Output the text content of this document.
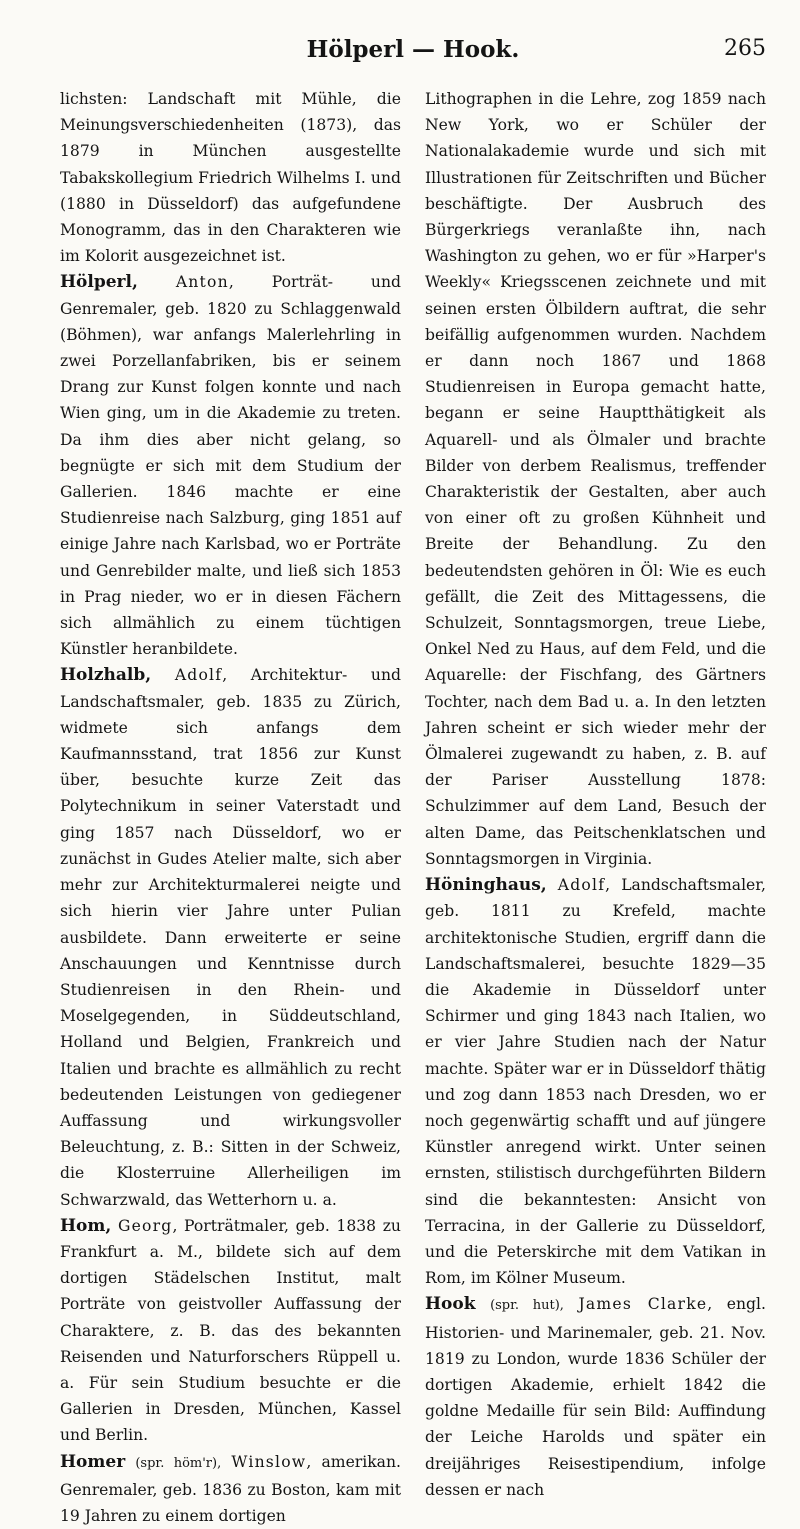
Hölperl — Hook.	265

lichsten: Landschaft mit Mühle, die Meinungsverschiedenheiten (1873), das 1879 in München ausgestellte Tabakskollegium Friedrich Wilhelms I. und (1880 in Düsseldorf) das aufgefundene Monogramm, das in den Charakteren wie im Kolorit ausgezeichnet ist.

Hölperl, Anton, Porträt- und Genremaler, geb. 1820 zu Schlaggenwald (Böhmen), war anfangs Malerlehrling in zwei Porzellanfabriken, bis er seinem Drang zur Kunst folgen konnte und nach Wien ging, um in die Akademie zu treten. Da ihm dies aber nicht gelang, so begnügte er sich mit dem Studium der Gallerien. 1846 machte er eine Studienreise nach Salzburg, ging 1851 auf einige Jahre nach Karlsbad, wo er Porträte und Genrebilder malte, und ließ sich 1853 in Prag nieder, wo er in diesen Fächern sich allmählich zu einem tüchtigen Künstler heranbildete.

Holzhalb, Adolf, Architektur- und Landschaftsmaler, geb. 1835 zu Zürich, widmete sich anfangs dem Kaufmannsstand, trat 1856 zur Kunst über, besuchte kurze Zeit das Polytechnikum in seiner Vaterstadt und ging 1857 nach Düsseldorf, wo er zunächst in Gudes Atelier malte, sich aber mehr zur Architekturmalerei neigte und sich hierin vier Jahre unter Pulian ausbildete. Dann erweiterte er seine Anschauungen und Kenntnisse durch Studienreisen in den Rhein- und Moselgegenden, in Süddeutschland, Holland und Belgien, Frankreich und Italien und brachte es allmählich zu recht bedeutenden Leistungen von gediegener Auffassung und wirkungsvoller Beleuchtung, z. B.: Sitten in der Schweiz, die Klosterruine Allerheiligen im Schwarzwald, das Wetterhorn u. a.

Hom, Georg, Porträtmaler, geb. 1838 zu Frankfurt a. M., bildete sich auf dem dortigen Städelschen Institut, malt Porträte von geistvoller Auffassung der Charaktere, z. B. das des bekannten Reisenden und Naturforschers Rüppell u. a. Für sein Studium besuchte er die Gallerien in Dresden, München, Kassel und Berlin.

Homer (spr. höm'r), Winslow, amerikan. Genremaler, geb. 1836 zu Boston, kam mit 19 Jahren zu einem dortigen

Lithographen in die Lehre, zog 1859 nach New York, wo er Schüler der Nationalakademie wurde und sich mit Illustrationen für Zeitschriften und Bücher beschäftigte. Der Ausbruch des Bürgerkriegs veranlaßte ihn, nach Washington zu gehen, wo er für »Harper's Weekly« Kriegsscenen zeichnete und mit seinen ersten Ölbildern auftrat, die sehr beifällig aufgenommen wurden. Nachdem er dann noch 1867 und 1868 Studienreisen in Europa gemacht hatte, begann er seine Hauptthätigkeit als Aquarell- und als Ölmaler und brachte Bilder von derbem Realismus, treffender Charakteristik der Gestalten, aber auch von einer oft zu großen Kühnheit und Breite der Behandlung. Zu den bedeutendsten gehören in Öl: Wie es euch gefällt, die Zeit des Mittagessens, die Schulzeit, Sonntagsmorgen, treue Liebe, Onkel Ned zu Haus, auf dem Feld, und die Aquarelle: der Fischfang, des Gärtners Tochter, nach dem Bad u. a. In den letzten Jahren scheint er sich wieder mehr der Ölmalerei zugewandt zu haben, z. B. auf der Pariser Ausstellung 1878: Schulzimmer auf dem Land, Besuch der alten Dame, das Peitschenklatschen und Sonntagsmorgen in Virginia.

Höninghaus, Adolf, Landschaftsmaler, geb. 1811 zu Krefeld, machte architektonische Studien, ergriff dann die Landschaftsmalerei, besuchte 1829—35 die Akademie in Düsseldorf unter Schirmer und ging 1843 nach Italien, wo er vier Jahre Studien nach der Natur machte. Später war er in Düsseldorf thätig und zog dann 1853 nach Dresden, wo er noch gegenwärtig schafft und auf jüngere Künstler anregend wirkt. Unter seinen ernsten, stilistisch durchgeführten Bildern sind die bekanntesten: Ansicht von Terracina, in der Gallerie zu Düsseldorf, und die Peterskirche mit dem Vatikan in Rom, im Kölner Museum.

Hook (spr. hut), James Clarke, engl. Historien- und Marinemaler, geb. 21. Nov. 1819 zu London, wurde 1836 Schüler der dortigen Akademie, erhielt 1842 die goldne Medaille für sein Bild: Auffindung der Leiche Harolds und später ein dreijähriges Reisestipendium, infolge dessen er nach
